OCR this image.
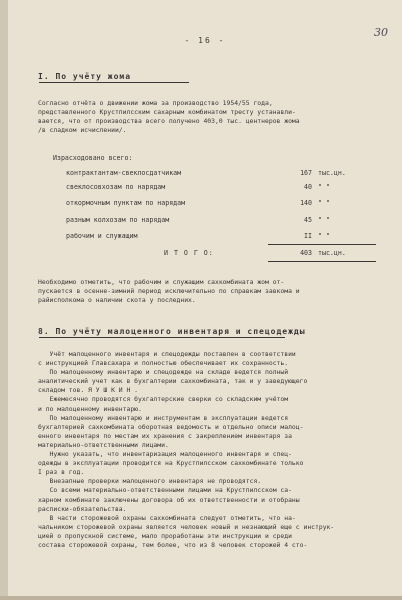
30
- 16 -
I. По учёту жома
Согласно отчёта о движении жома за производство 1954/55 года,
представленного Крустпилсским сахарным комбинатом тресту устанавли-
вается, что от производства всего получено 403,0 тыс. центнеров жома
/в сладком исчислении/.
Израсходовано всего:
контрактантам-свеклосдатчикам	167 тыс.цн.
свеклосовхозам по нарядам	40 " "
откормочным пунктам по нарядам	140 " "
разным колхозам по нарядам	45 " "
рабочим и служащим	II " "
И Т О Г О:	403 тыс.цн.
Необходимо отметить, что рабочим и служащим сахкомбината жом от-
пускается в осенне-зимний период исключительно по справкам завкома и
райисполкома о наличии скота у последних.
8. По учёту малоценного инвентаря и спецодежды
Учёт малоценного инвентаря и спецодежды поставлен в соответствии
с инструкцией Главсахара и полностью обеспечивает их сохранность.
По малоценному инвентарю и спецодежде на складе ведется полный
аналитический учет как в бухгалтерии сахкомбината, так и у заведующего
складом тов. Я У Ш К И Н .
Ежемесячно проводятся бухгалтерские сверки со складским учётом
и по малоценному инвентарю.
По малоценному инвентарю и инструментам в эксплуатации ведется
бухгалтерией сахкомбината оборотная ведомость и отдельно описи малоц-
енного инвентаря по местам их хранения с закреплением инвентаря за
материально-ответственными лицами.
Нужно указать, что инвентаризация малоценного инвентаря и спец-
одежды в эксплуатации проводится на Крустпилсском сахкомбинате только
I раз в год.
Внезапные проверки малоценного инвентаря не проводятся.
Со всеми материально-ответственными лицами на Крустпилсском са-
харном комбинате заключены договора об их ответственности и отобраны
расписки-обязательства.
В части сторожевой охраны сахкомбината следует отметить, что на-
чальником сторожевой охраны является человек новый и незнающий еще с инструк-
цией о пропускной системе, мало проработаны эти инструкции и среди
состава сторожевой охраны, тем более, что из 8 человек сторожей 4 сто-
